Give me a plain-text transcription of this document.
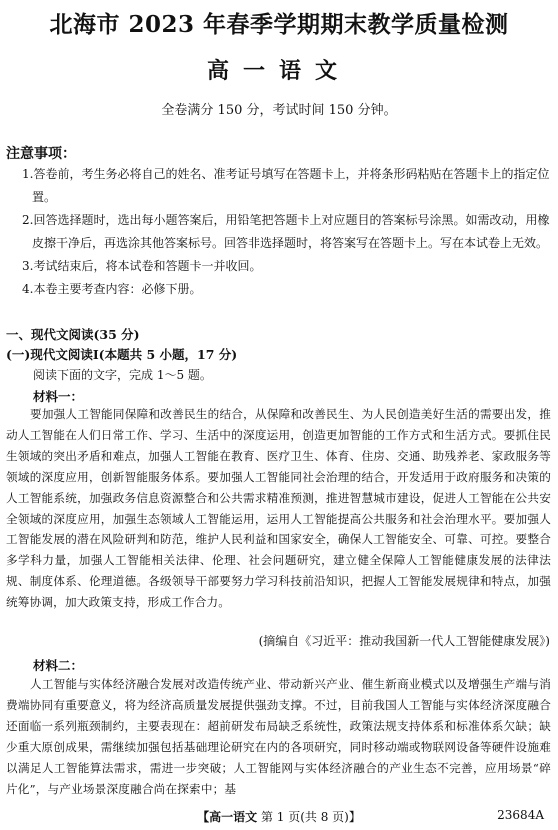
北海市 2023 年春季学期期末教学质量检测
高一语文
全卷满分 150 分，考试时间 150 分钟。
注意事项：
1.答卷前，考生务必将自己的姓名、准考证号填写在答题卡上，并将条形码粘贴在答题卡上的指定位置。
2.回答选择题时，选出每小题答案后，用铅笔把答题卡上对应题目的答案标号涂黑。如需改动，用橡皮擦干净后，再选涂其他答案标号。回答非选择题时，将答案写在答题卡上。写在本试卷上无效。
3.考试结束后，将本试卷和答题卡一并收回。
4.本卷主要考查内容：必修下册。
一、现代文阅读(35 分)
(一)现代文阅读Ⅰ(本题共 5 小题，17 分)
阅读下面的文字，完成 1～5 题。
材料一：
要加强人工智能同保障和改善民生的结合，从保障和改善民生、为人民创造美好生活的需要出发，推动人工智能在人们日常工作、学习、生活中的深度运用，创造更加智能的工作方式和生活方式。要抓住民生领域的突出矛盾和难点，加强人工智能在教育、医疗卫生、体育、住房、交通、助残养老、家政服务等领域的深度应用，创新智能服务体系。要加强人工智能同社会治理的结合，开发适用于政府服务和决策的人工智能系统，加强政务信息资源整合和公共需求精准预测，推进智慧城市建设，促进人工智能在公共安全领域的深度应用，加强生态领域人工智能运用，运用人工智能提高公共服务和社会治理水平。要加强人工智能发展的潜在风险研判和防范，维护人民利益和国家安全，确保人工智能安全、可靠、可控。要整合多学科力量，加强人工智能相关法律、伦理、社会问题研究，建立健全保障人工智能健康发展的法律法规、制度体系、伦理道德。各级领导干部要努力学习科技前沿知识，把握人工智能发展规律和特点，加强统筹协调，加大政策支持，形成工作合力。
(摘编自《习近平：推动我国新一代人工智能健康发展》)
材料二：
人工智能与实体经济融合发展对改造传统产业、带动新兴产业、催生新商业模式以及增强生产端与消费端协同有重要意义，将为经济高质量发展提供强劲支撑。不过，目前我国人工智能与实体经济深度融合还面临一系列瓶颈制约，主要表现在：超前研发布局缺乏系统性，政策法规支持体系和标准体系欠缺；缺少重大原创成果，需继续加强包括基础理论研究在内的各项研究，同时移动端或物联网设备等硬件设施难以满足人工智能算法需求，需进一步突破；人工智能网与实体经济融合的产业生态不完善，应用场景“碎片化”，与产业场景深度融合尚在探索中；基
【高一语文 第 1 页(共 8 页)】	23684A
